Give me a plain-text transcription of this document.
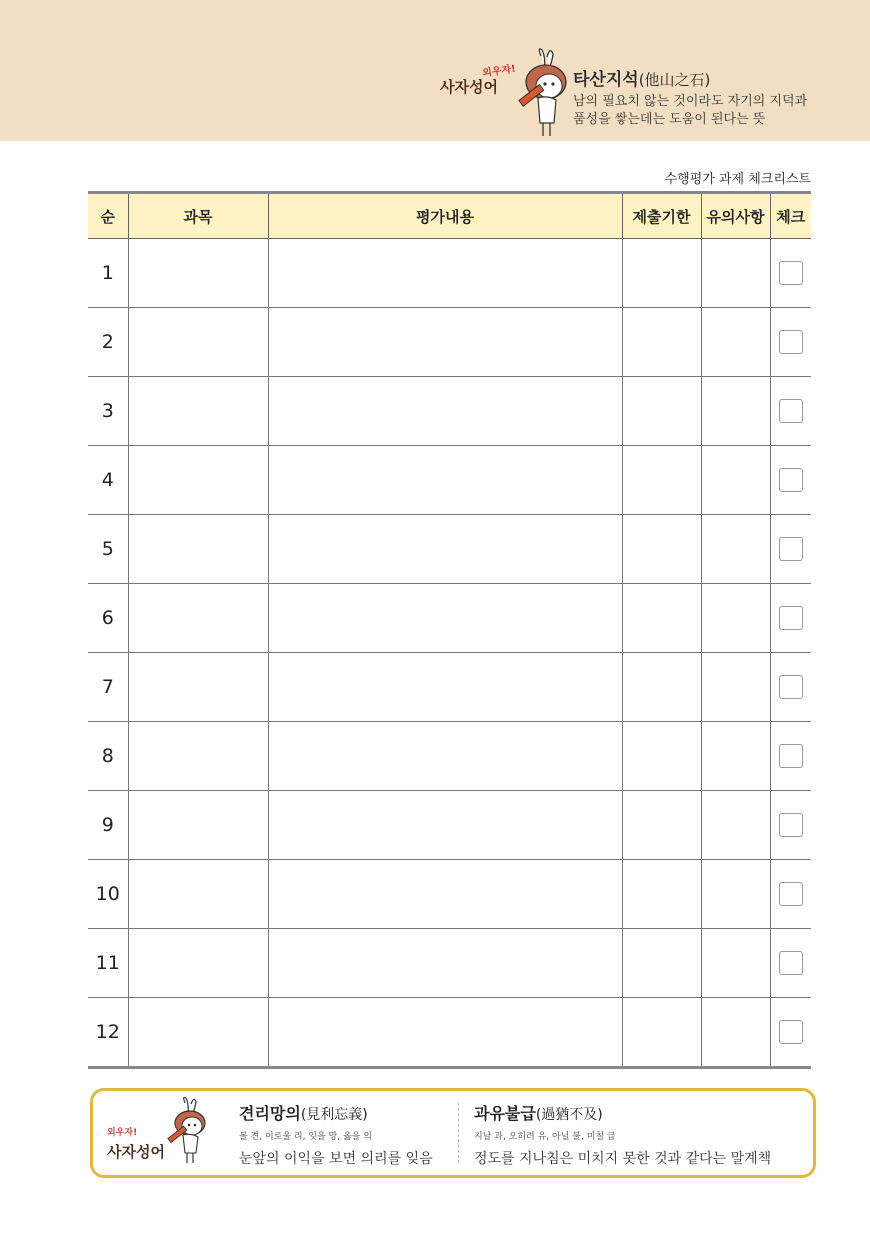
외우자!
사자성어	타산지석(他山之石)
남의 필요치 않는 것이라도 자기의 지덕과
품성을 쌓는데는 도움이 된다는 뜻
수행평가 과제 체크리스트
순	과목	평가내용	제출기한	유의사항	체크
1					
2					
3					
4					
5					
6					
7					
8					
9					
10					
11					
12					
외우자!
사자성어
견리망의(見利忘義)
볼 견, 이로울 리, 잊을 망, 옳을 의
눈앞의 이익을 보면 의리를 잊음
과유불급(過猶不及)
지날 과, 오히려 유, 아닐 불, 미칠 급
정도를 지나침은 미치지 못한 것과 같다는 말계책
